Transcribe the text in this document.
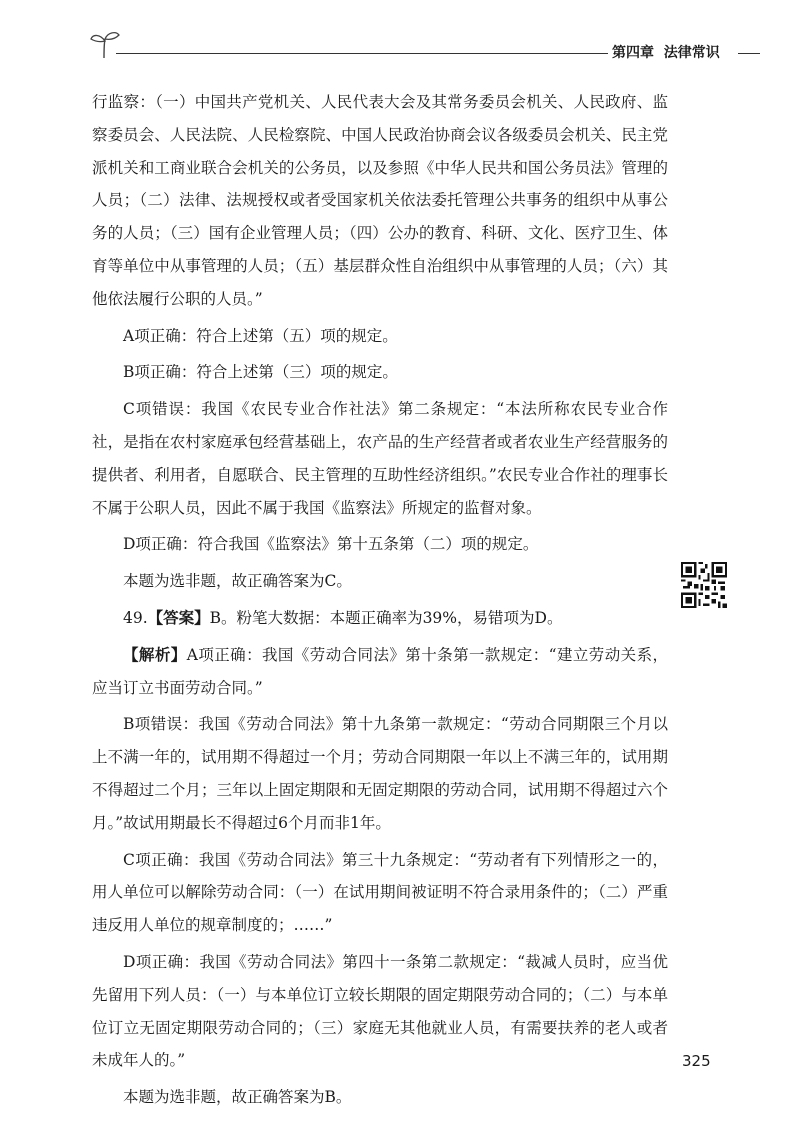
第四章 法律常识

行监察：（一）中国共产党机关、人民代表大会及其常务委员会机关、人民政府、监察委员会、人民法院、人民检察院、中国人民政治协商会议各级委员会机关、民主党派机关和工商业联合会机关的公务员，以及参照《中华人民共和国公务员法》管理的人员；（二）法律、法规授权或者受国家机关依法委托管理公共事务的组织中从事公务的人员；（三）国有企业管理人员；（四）公办的教育、科研、文化、医疗卫生、体育等单位中从事管理的人员；（五）基层群众性自治组织中从事管理的人员；（六）其他依法履行公职的人员。”

A项正确：符合上述第（五）项的规定。

B项正确：符合上述第（三）项的规定。

C项错误：我国《农民专业合作社法》第二条规定：“本法所称农民专业合作社，是指在农村家庭承包经营基础上，农产品的生产经营者或者农业生产经营服务的提供者、利用者，自愿联合、民主管理的互助性经济组织。”农民专业合作社的理事长不属于公职人员，因此不属于我国《监察法》所规定的监督对象。

D项正确：符合我国《监察法》第十五条第（二）项的规定。

本题为选非题，故正确答案为C。

49.【答案】B。粉笔大数据：本题正确率为39%，易错项为D。

【解析】A项正确：我国《劳动合同法》第十条第一款规定：“建立劳动关系，应当订立书面劳动合同。”

B项错误：我国《劳动合同法》第十九条第一款规定：“劳动合同期限三个月以上不满一年的，试用期不得超过一个月；劳动合同期限一年以上不满三年的，试用期不得超过二个月；三年以上固定期限和无固定期限的劳动合同，试用期不得超过六个月。”故试用期最长不得超过6个月而非1年。

C项正确：我国《劳动合同法》第三十九条规定：“劳动者有下列情形之一的，用人单位可以解除劳动合同：（一）在试用期间被证明不符合录用条件的；（二）严重违反用人单位的规章制度的；……”

D项正确：我国《劳动合同法》第四十一条第二款规定：“裁减人员时，应当优先留用下列人员：（一）与本单位订立较长期限的固定期限劳动合同的；（二）与本单位订立无固定期限劳动合同的；（三）家庭无其他就业人员，有需要扶养的老人或者未成年人的。”

本题为选非题，故正确答案为B。

325
